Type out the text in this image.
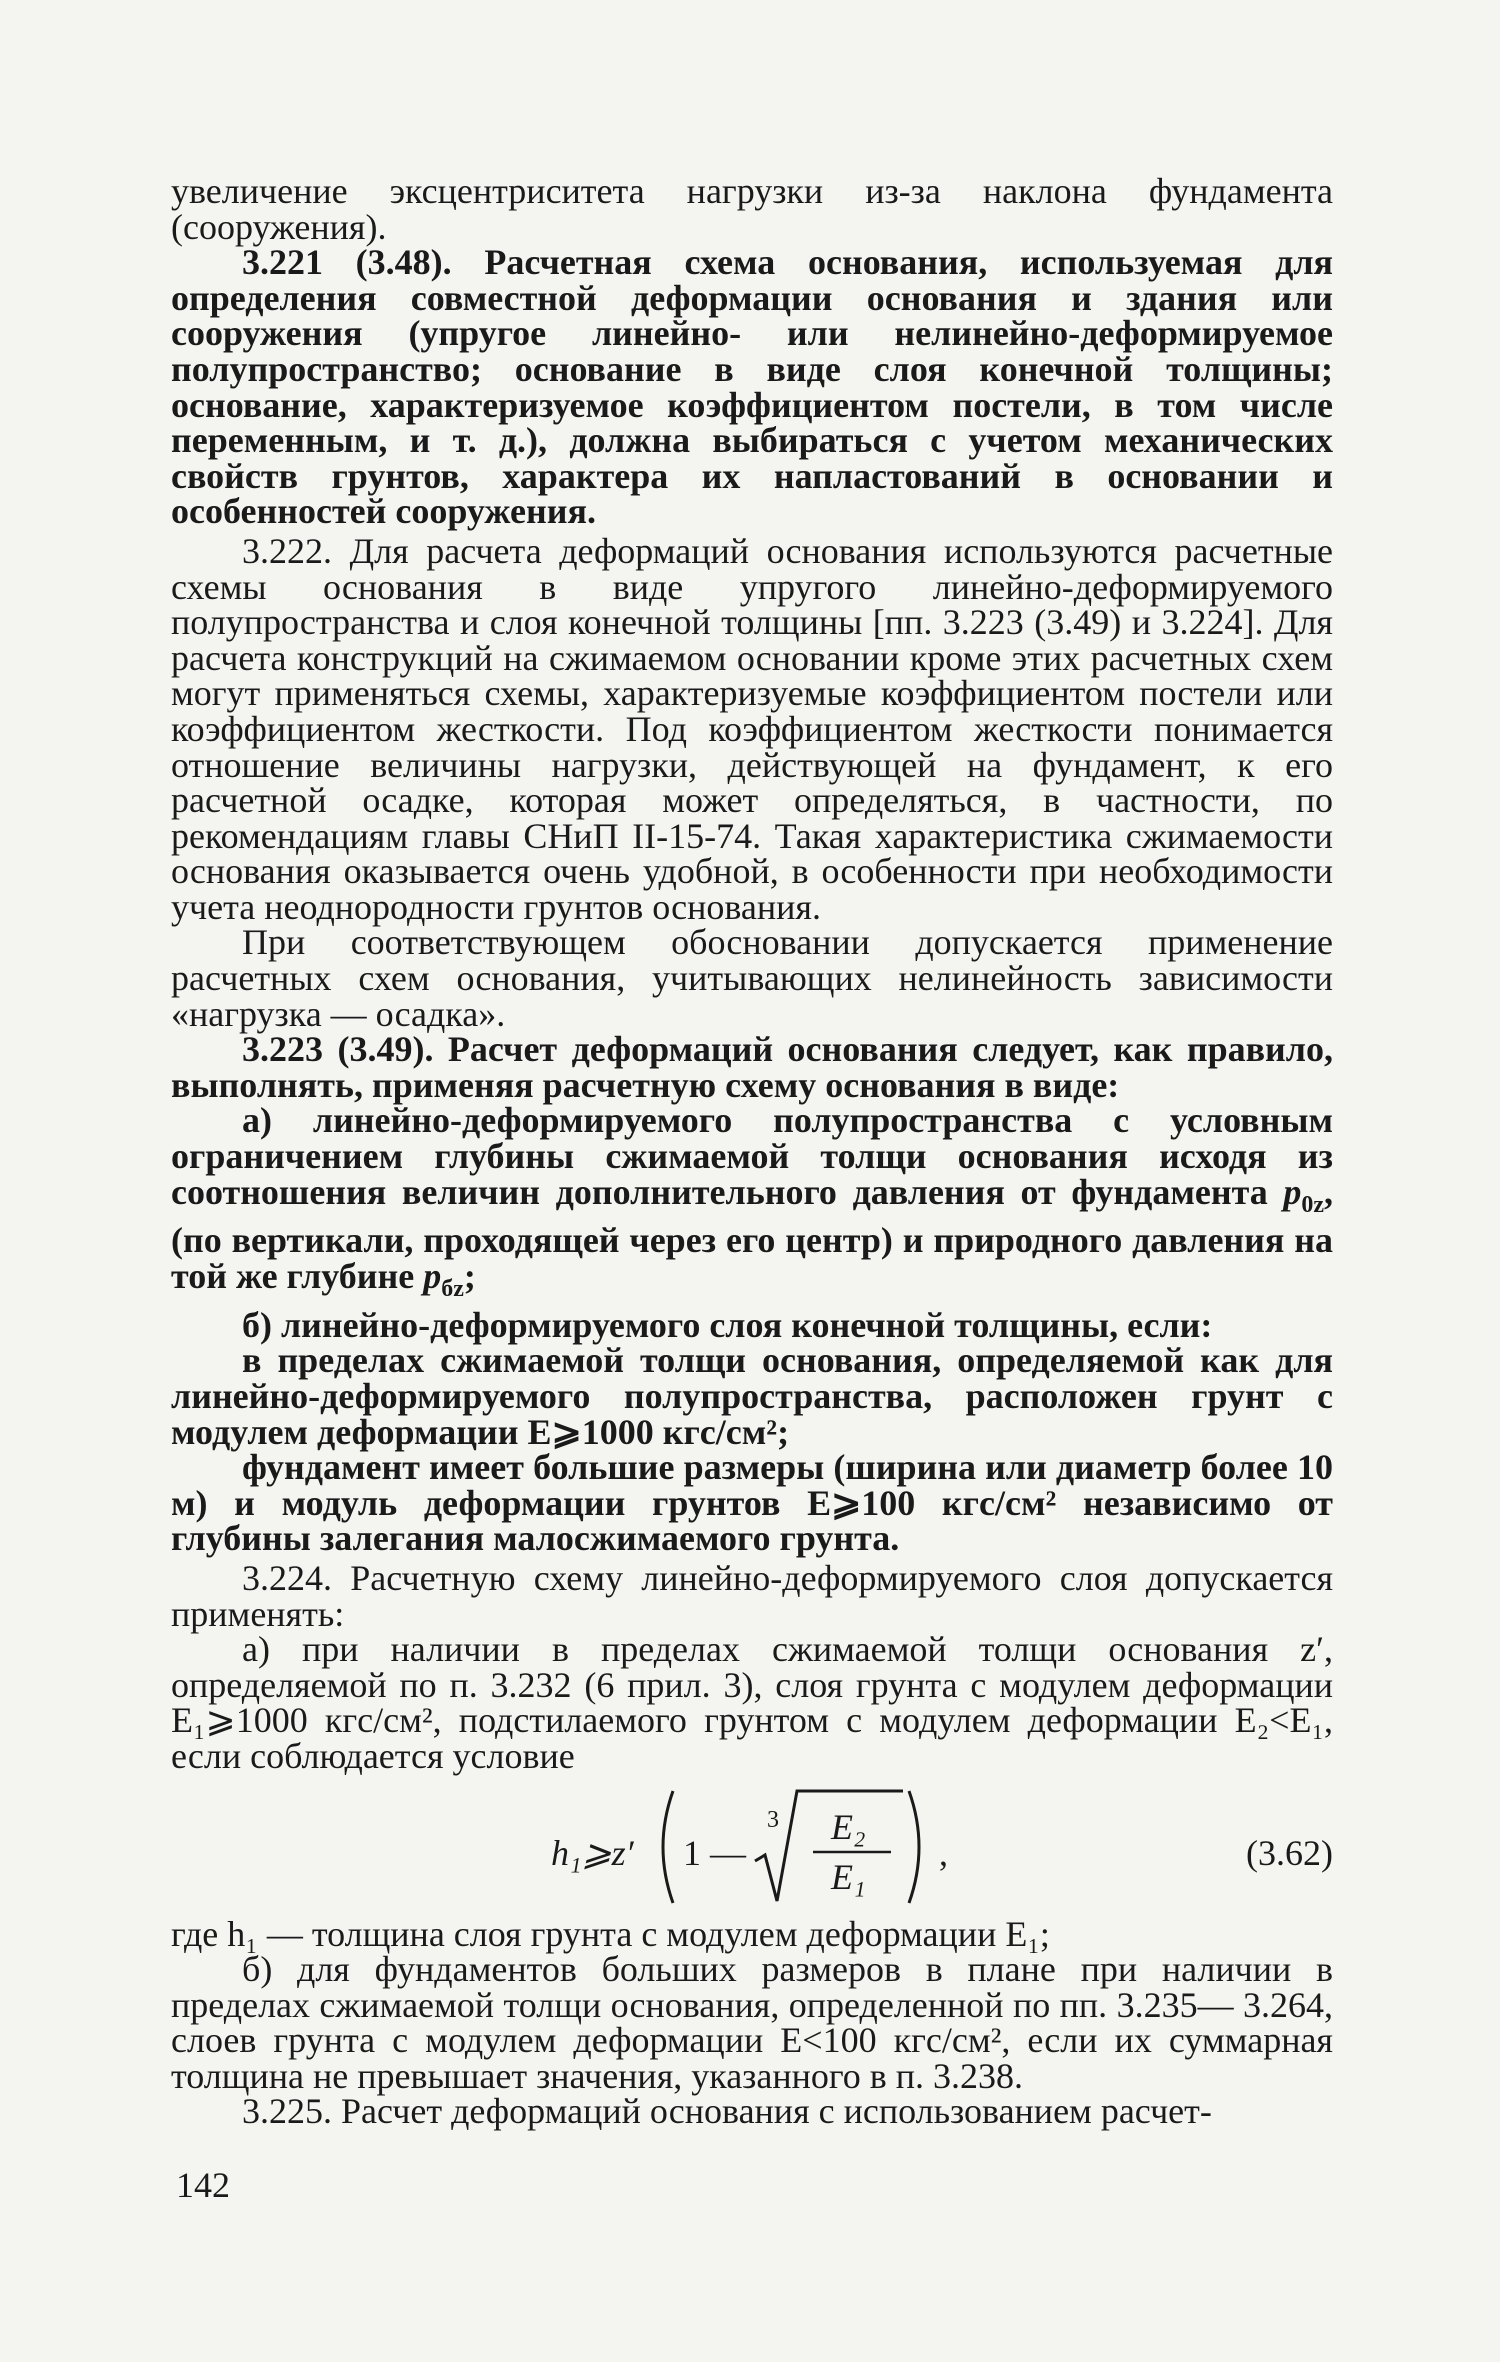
увеличение эксцентриситета нагрузки из-за наклона фундамента (сооружения).

3.221 (3.48). Расчетная схема основания, используемая для определения совместной деформации основания и здания или сооружения (упругое линейно- или нелинейно-деформируемое полупространство; основание в виде слоя конечной толщины; основание, характеризуемое коэффициентом постели, в том числе переменным, и т. д.), должна выбираться с учетом механических свойств грунтов, характера их напластований в основании и особенностей сооружения.

3.222. Для расчета деформаций основания используются расчетные схемы основания в виде упругого линейно-деформируемого полупространства и слоя конечной толщины [пп. 3.223 (3.49) и 3.224]. Для расчета конструкций на сжимаемом основании кроме этих расчетных схем могут применяться схемы, характеризуемые коэффициентом постели или коэффициентом жесткости. Под коэффициентом жесткости понимается отношение величины нагрузки, действующей на фундамент, к его расчетной осадке, которая может определяться, в частности, по рекомендациям главы СНиП II-15-74. Такая характеристика сжимаемости основания оказывается очень удобной, в особенности при необходимости учета неоднородности грунтов основания.

При соответствующем обосновании допускается применение расчетных схем основания, учитывающих нелинейность зависимости «нагрузка — осадка».

3.223 (3.49). Расчет деформаций основания следует, как правило, выполнять, применяя расчетную схему основания в виде:

а) линейно-деформируемого полупространства с условным ограничением глубины сжимаемой толщи основания исходя из соотношения величин дополнительного давления от фундамента $p_{0z}$, (по вертикали, проходящей через его центр) и природного давления на той же глубине $p_{бz}$;

б) линейно-деформируемого слоя конечной толщины, если:

в пределах сжимаемой толщи основания, определяемой как для линейно-деформируемого полупространства, расположен грунт с модулем деформации E⩾1000 кгс/см²;

фундамент имеет большие размеры (ширина или диаметр более 10 м) и модуль деформации грунтов E⩾100 кгс/см² независимо от глубины залегания малосжимаемого грунта.

3.224. Расчетную схему линейно-деформируемого слоя допускается применять:

а) при наличии в пределах сжимаемой толщи основания z′, определяемой по п. 3.232 (6 прил. 3), слоя грунта с модулем деформации E₁⩾1000 кгс/см², подстилаемого грунтом с модулем деформации E₂<E₁, если соблюдается условие

h₁⩾z′ 1 —
3 E₂
E₁
,	(3.62)

где h₁ — толщина слоя грунта с модулем деформации E₁;

б) для фундаментов больших размеров в плане при наличии в пределах сжимаемой толщи основания, определенной по пп. 3.235— 3.264, слоев грунта с модулем деформации E<100 кгс/см², если их суммарная толщина не превышает значения, указанного в п. 3.238.

3.225. Расчет деформаций основания с использованием расчет-

142
